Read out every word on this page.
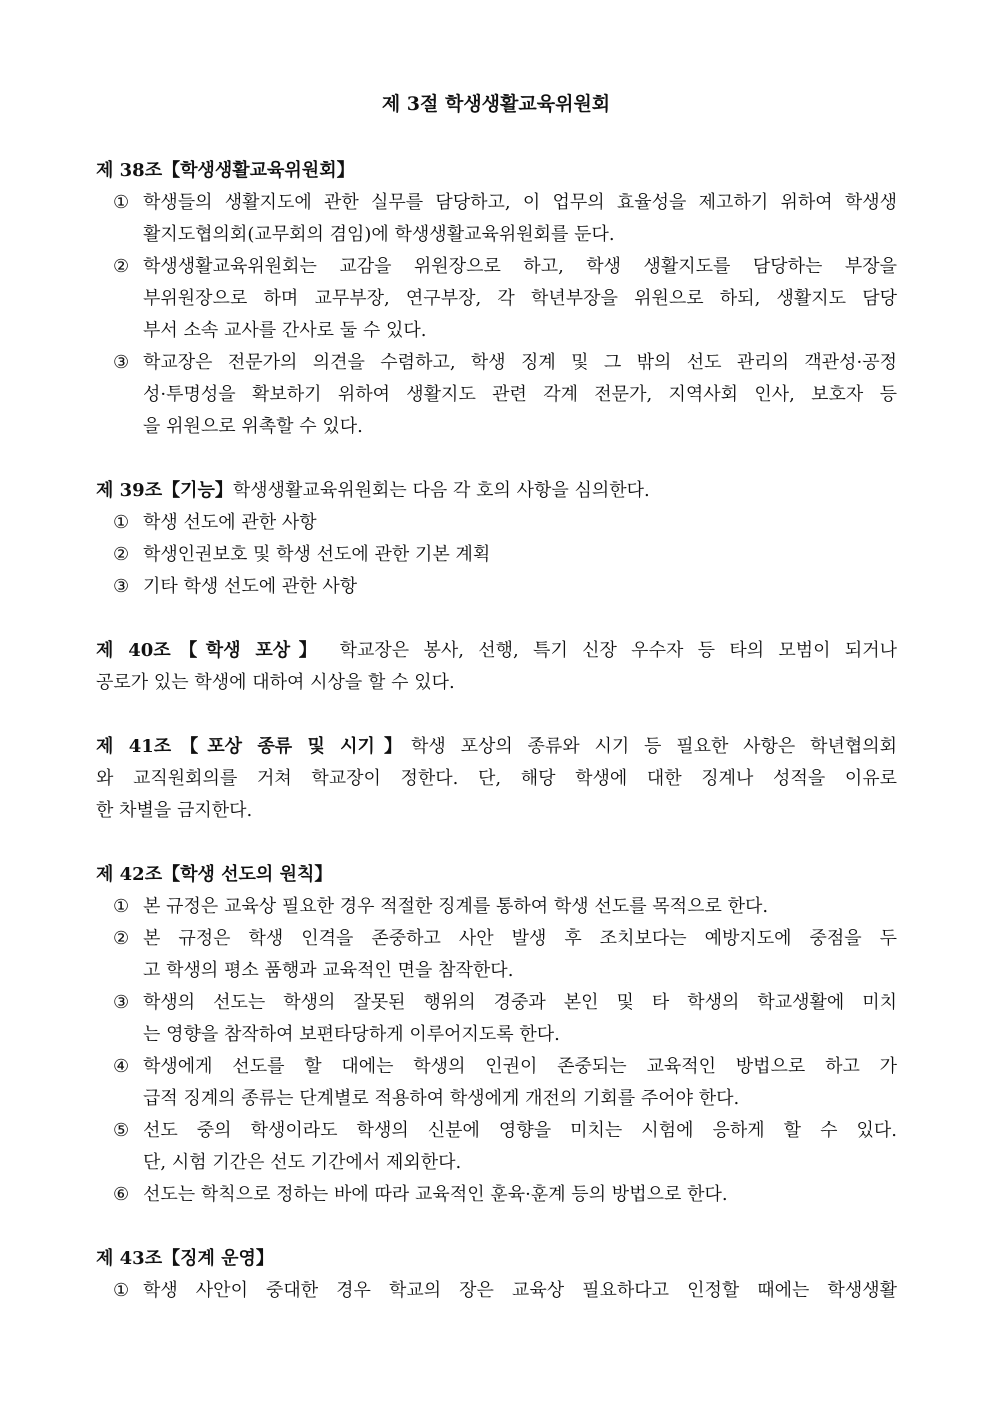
제 3절 학생생활교육위원회
제 38조【학생생활교육위원회】
① 학생들의 생활지도에 관한 실무를 담당하고, 이 업무의 효율성을 제고하기 위하여 학생생
활지도협의회(교무회의 겸임)에 학생생활교육위원회를 둔다.
② 학생생활교육위원회는 교감을 위원장으로 하고, 학생 생활지도를 담당하는 부장을
부위원장으로 하며 교무부장, 연구부장, 각 학년부장을 위원으로 하되, 생활지도 담당
부서 소속 교사를 간사로 둘 수 있다.
③ 학교장은 전문가의 의견을 수렴하고, 학생 징계 및 그 밖의 선도 관리의 객관성·공정
성·투명성을 확보하기 위하여 생활지도 관련 각계 전문가, 지역사회 인사, 보호자 등
을 위원으로 위촉할 수 있다.
제 39조【기능】학생생활교육위원회는 다음 각 호의 사항을 심의한다.
① 학생 선도에 관한 사항
② 학생인권보호 및 학생 선도에 관한 기본 계획
③ 기타 학생 선도에 관한 사항
제 40조【학생 포상】 학교장은 봉사, 선행, 특기 신장 우수자 등 타의 모범이 되거나
공로가 있는 학생에 대하여 시상을 할 수 있다.
제 41조【포상 종류 및 시기】학생 포상의 종류와 시기 등 필요한 사항은 학년협의회
와 교직원회의를 거쳐 학교장이 정한다. 단, 해당 학생에 대한 징계나 성적을 이유로
한 차별을 금지한다.
제 42조【학생 선도의 원칙】
① 본 규정은 교육상 필요한 경우 적절한 징계를 통하여 학생 선도를 목적으로 한다.
② 본 규정은 학생 인격을 존중하고 사안 발생 후 조치보다는 예방지도에 중점을 두
고 학생의 평소 품행과 교육적인 면을 참작한다.
③ 학생의 선도는 학생의 잘못된 행위의 경중과 본인 및 타 학생의 학교생활에 미치
는 영향을 참작하여 보편타당하게 이루어지도록 한다.
④ 학생에게 선도를 할 대에는 학생의 인권이 존중되는 교육적인 방법으로 하고 가
급적 징계의 종류는 단계별로 적용하여 학생에게 개전의 기회를 주어야 한다.
⑤ 선도 중의 학생이라도 학생의 신분에 영향을 미치는 시험에 응하게 할 수 있다.
단, 시험 기간은 선도 기간에서 제외한다.
⑥ 선도는 학칙으로 정하는 바에 따라 교육적인 훈육·훈계 등의 방법으로 한다.
제 43조【징계 운영】
① 학생 사안이 중대한 경우 학교의 장은 교육상 필요하다고 인정할 때에는 학생생활
